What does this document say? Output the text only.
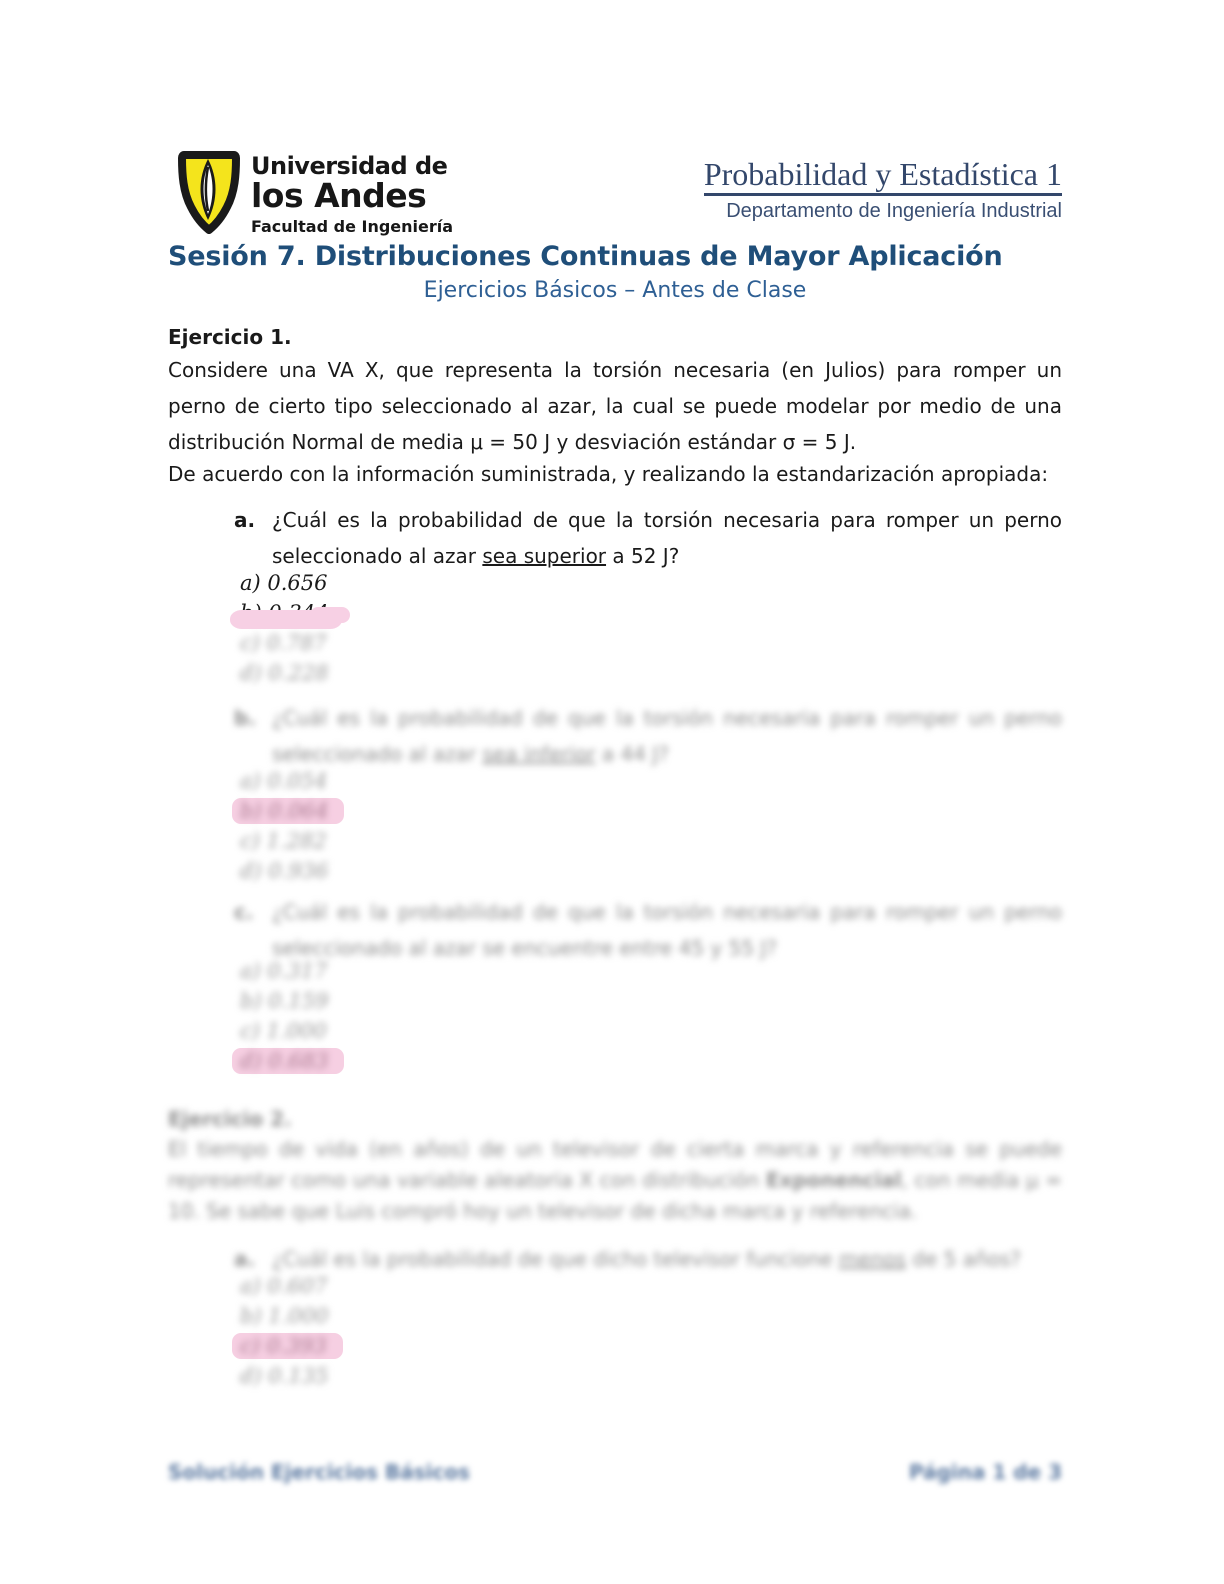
Universidad de
los Andes
Facultad de Ingeniería
Probabilidad y Estadística 1
Departamento de Ingeniería Industrial
Sesión 7. Distribuciones Continuas de Mayor Aplicación
Ejercicios Básicos – Antes de Clase
Ejercicio 1.

Considere una VA X, que representa la torsión necesaria (en Julios) para romper un perno de cierto tipo seleccionado al azar, la cual se puede modelar por medio de una distribución Normal de media μ = 50 J y desviación estándar σ = 5 J.

De acuerdo con la información suministrada, y realizando la estandarización apropiada:

a. ¿Cuál es la probabilidad de que la torsión necesaria para romper un perno seleccionado al azar sea superior a 52 J?
a) 0.656
c) 0.787
d) 0.228
b. ¿Cuál es la probabilidad de que la torsión necesaria para romper un perno seleccionado al azar sea inferior a 44 J?
a) 0.054
b) 0.064
c) 1.282
d) 0.936
c. ¿Cuál es la probabilidad de que la torsión necesaria para romper un perno seleccionado al azar se encuentre entre 45 y 55 J?
a) 0.317
b) 0.159
c) 1.000
d) 0.683
Ejercicio 2.

El tiempo de vida (en años) de un televisor de cierta marca y referencia se puede representar como una variable aleatoria X con distribución Exponencial, con media μ = 10. Se sabe que Luis compró hoy un televisor de dicha marca y referencia.

a. ¿Cuál es la probabilidad de que dicho televisor funcione menos de 5 años?
a) 0.607
b) 1.000
c) 0.393
d) 0.135
Solución Ejercicios Básicos	Página 1 de 3
